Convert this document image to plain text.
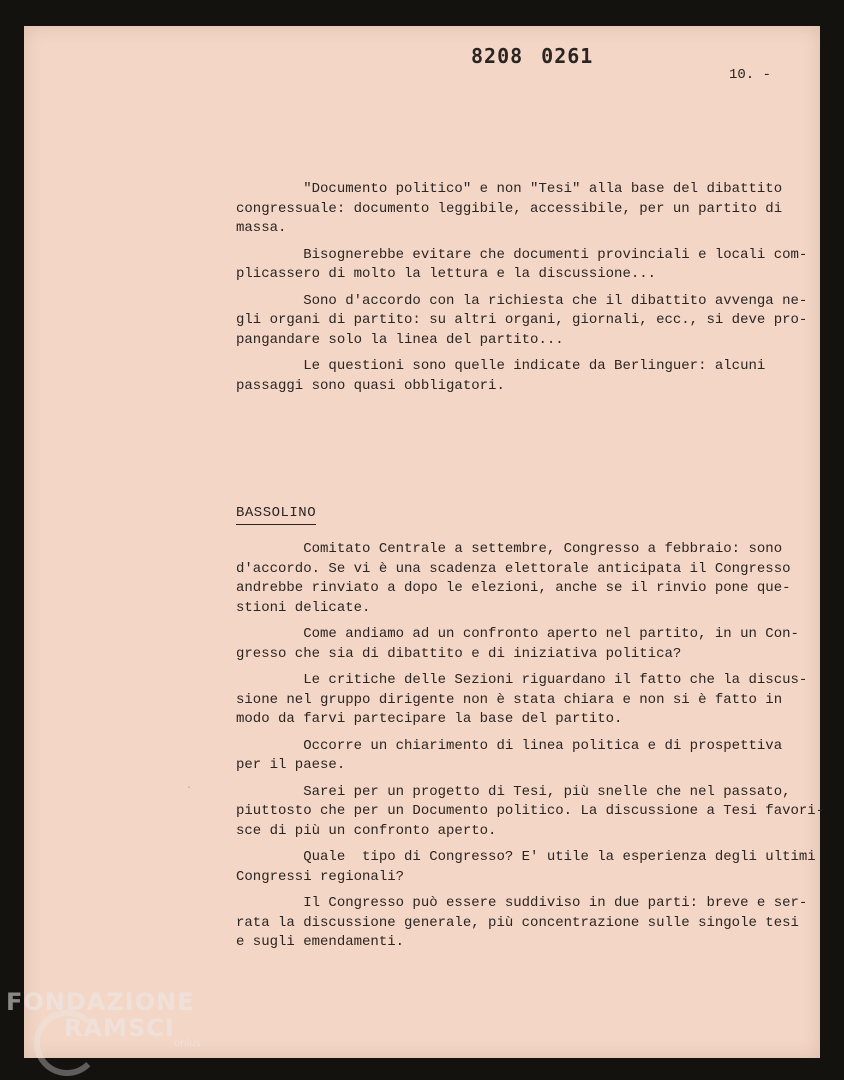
8208 0261
10. -

"Documento politico" e non "Tesi" alla base del dibattito

congressuale: documento leggibile, accessibile, per un partito di

massa.

Bisognerebbe evitare che documenti provinciali e locali com-

plicassero di molto la lettura e la discussione...

Sono d'accordo con la richiesta che il dibattito avvenga ne-

gli organi di partito: su altri organi, giornali, ecc., si deve pro-

pangandare solo la linea del partito...

Le questioni sono quelle indicate da Berlinguer: alcuni

passaggi sono quasi obbligatori.

BASSOLINO

Comitato Centrale a settembre, Congresso a febbraio: sono

d'accordo. Se vi è una scadenza elettorale anticipata il Congresso

andrebbe rinviato a dopo le elezioni, anche se il rinvio pone que-

stioni delicate.

Come andiamo ad un confronto aperto nel partito, in un Con-

gresso che sia di dibattito e di iniziativa politica?

Le critiche delle Sezioni riguardano il fatto che la discus-

sione nel gruppo dirigente non è stata chiara e non si è fatto in

modo da farvi partecipare la base del partito.

Occorre un chiarimento di linea politica e di prospettiva

per il paese.

Sarei per un progetto di Tesi, più snelle che nel passato,

piuttosto che per un Documento politico. La discussione a Tesi favori-

sce di più un confronto aperto.

Quale  tipo di Congresso? E' utile la esperienza degli ultimi

Congressi regionali?

Il Congresso può essere suddiviso in due parti: breve e ser-

rata la discussione generale, più concentrazione sulle singole tesi

e sugli emendamenti.

·
FONDAZIONE
RAMSCI
onlus
